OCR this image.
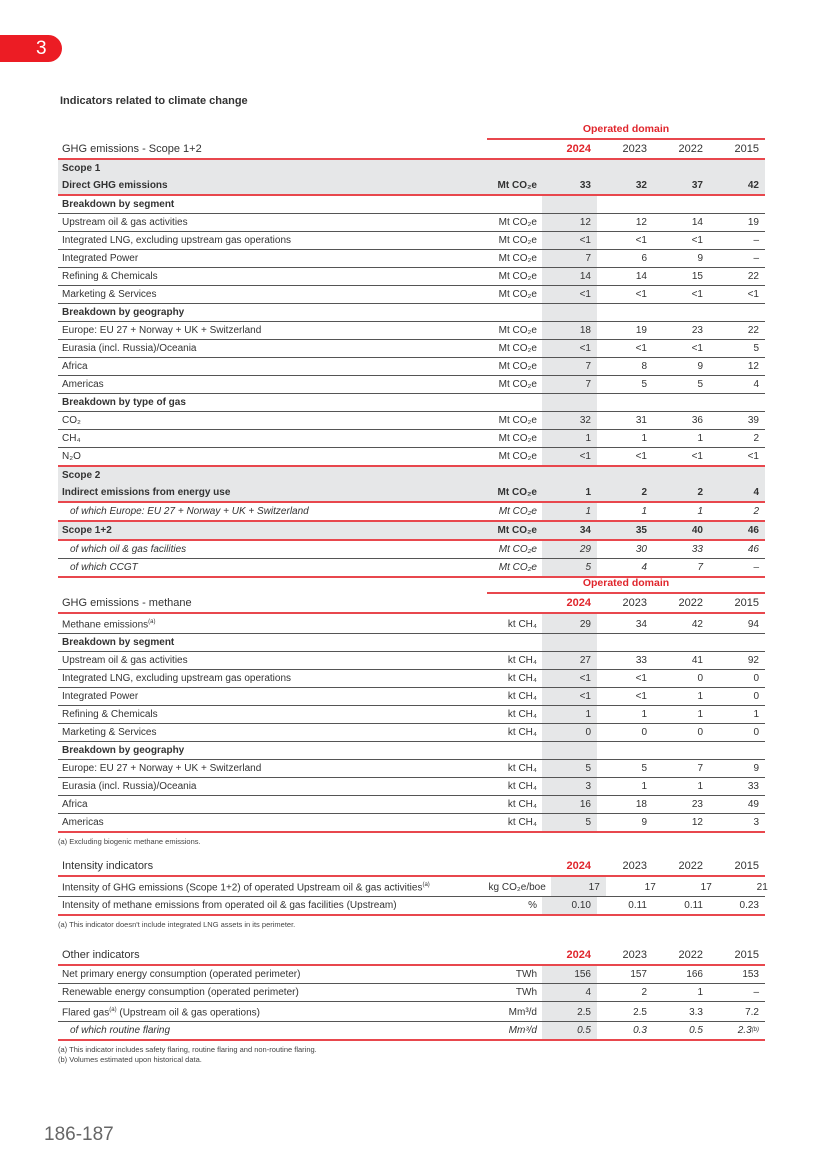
3
Indicators related to climate change
Operated domain
GHG emissions - Scope 1+2	2024	2023	2022	2015
Scope 1
Direct GHG emissions	Mt CO₂e	33	32	37	42
Breakdown by segment
Upstream oil & gas activities	Mt CO₂e	12	12	14	19
Integrated LNG, excluding upstream gas operations	Mt CO₂e	<1	<1	<1	–
Integrated Power	Mt CO₂e	7	6	9	–
Refining & Chemicals	Mt CO₂e	14	14	15	22
Marketing & Services	Mt CO₂e	<1	<1	<1	<1
Breakdown by geography
Europe: EU 27 + Norway + UK + Switzerland	Mt CO₂e	18	19	23	22
Eurasia (incl. Russia)/Oceania	Mt CO₂e	<1	<1	<1	5
Africa	Mt CO₂e	7	8	9	12
Americas	Mt CO₂e	7	5	5	4
Breakdown by type of gas
CO₂	Mt CO₂e	32	31	36	39
CH₄	Mt CO₂e	1	1	1	2
N₂O	Mt CO₂e	<1	<1	<1	<1
Scope 2
Indirect emissions from energy use	Mt CO₂e	1	2	2	4
of which Europe: EU 27 + Norway + UK + Switzerland	Mt CO₂e	1	1	1	2
Scope 1+2	Mt CO₂e	34	35	40	46
of which oil & gas facilities	Mt CO₂e	29	30	33	46
of which CCGT	Mt CO₂e	5	4	7	–
Operated domain
GHG emissions - methane	2024	2023	2022	2015
Methane emissions$^{(a)}$	kt CH₄	29	34	42	94
Breakdown by segment
Upstream oil & gas activities	kt CH₄	27	33	41	92
Integrated LNG, excluding upstream gas operations	kt CH₄	<1	<1	0	0
Integrated Power	kt CH₄	<1	<1	1	0
Refining & Chemicals	kt CH₄	1	1	1	1
Marketing & Services	kt CH₄	0	0	0	0
Breakdown by geography
Europe: EU 27 + Norway + UK + Switzerland	kt CH₄	5	5	7	9
Eurasia (incl. Russia)/Oceania	kt CH₄	3	1	1	33
Africa	kt CH₄	16	18	23	49
Americas	kt CH₄	5	9	12	3
(a) Excluding biogenic methane emissions.
Intensity indicators	2024	2023	2022	2015
Intensity of GHG emissions (Scope 1+2) of operated Upstream oil & gas activities$^{(a)}$	kg CO₂e/boe	17	17	17	21
Intensity of methane emissions from operated oil & gas facilities (Upstream)	%	0.10	0.11	0.11	0.23
(a) This indicator doesn't include integrated LNG assets in its perimeter.
Other indicators	2024	2023	2022	2015
Net primary energy consumption (operated perimeter)	TWh	156	157	166	153
Renewable energy consumption (operated perimeter)	TWh	4	2	1	–
Flared gas$^{(a)}$ (Upstream oil & gas operations)	Mm³/d	2.5	2.5	3.3	7.2
of which routine flaring	Mm³/d	0.5	0.3	0.5	2.3 (b)
(a) This indicator includes safety flaring, routine flaring and non-routine flaring.
(b) Volumes estimated upon historical data.
186-187
